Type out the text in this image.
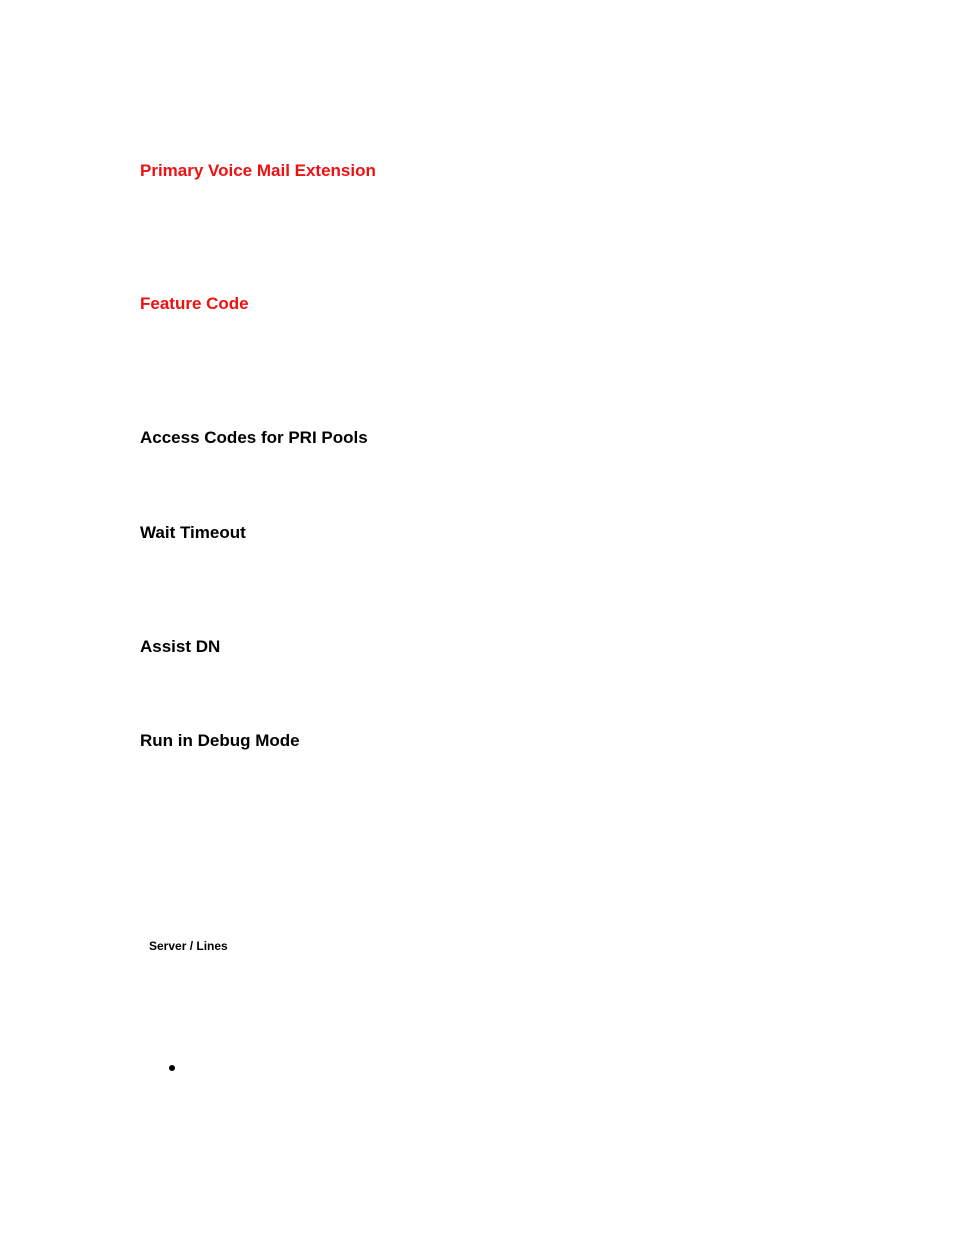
Primary Voice Mail Extension
Feature Code
Access Codes for PRI Pools
Wait Timeout
Assist DN
Run in Debug Mode
Server / Lines
